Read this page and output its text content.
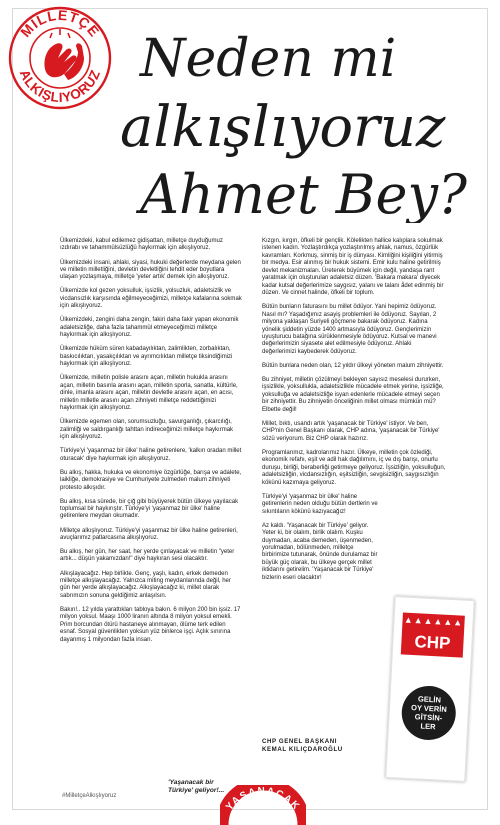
MİLLETÇE
ALKIŞLIYORUZ Neden mi
alkışlıyoruz
Ahmet Bey?

Ülkemizdeki, kabul edilemez gidişattan, milletçe duyduğumuz ızdırabı ve tahammülsüzlüğü haykırmak için alkışlıyoruz.

Ülkemizdeki insani, ahlaki, siyasi, hukuki değerlerde meydana gelen ve milletin milletliğini, devletin devletliğini tehdit eder boyutlara ulaşan yozlaşmaya, milletçe 'yeter artık' demek için alkışlıyoruz.

Ülkemizde kol gezen yoksulluk, işsizlik, yolsuzluk, adaletsizlik ve vicdansızlık karşısında eğilmeyeceğimizi, milletçe kafalarına sokmak için alkışlıyoruz.

Ülkemizdeki, zengini daha zengin, fakiri daha fakir yapan ekonomik adaletsizliğe, daha fazla tahammül etmeyeceğimizi milletçe haykırmak için alkışlıyoruz.

Ülkemizde hüküm süren kabadayılıktan, zalimlikten, zorbalıktan, baskıcılıktan, yasakçılıktan ve ayrımcılıktan milletçe tiksindiğimizi haykırmak için alkışlıyoruz.

Ülkemizde, milletin polisle arasını açan, milletin hukukla arasını açan, milletin basınla arasını açan, milletin sporla, sanatla, kültürle, dinle, imanla arasını açan, milletin devletle arasını açan, en acısı, milletin milletle arasını açan zihniyeti milletçe reddettiğimizi haykırmak için alkışlıyoruz.

Ülkemizde egemen olan, sorumsuzluğu, savurganlığı, çıkarcılığı, zalimliği ve saldırganlığı tahttan indireceğimizi milletçe haykırmak için alkışlıyoruz.

Türkiye'yi 'yaşanmaz bir ülke' haline getirenlere, 'kalkın oradan millet oturacak' diye haykırmak için alkışlıyoruz.

Bu alkış, hakka, hukuka ve ekonomiye özgürlüğe, barışa ve adalete, laikliğe, demokrasiye ve Cumhuriyete zulmeden malum zihniyeti protesto alkışıdır.

Bu alkış, kısa sürede, bir çığ gibi büyüyerek bütün ülkeye yayılacak toplumsal bir haykırıştır. Türkiye'yi 'yaşanmaz bir ülke' haline getirenlere meydan okumadır.

Milletçe alkışlıyoruz. Türkiye'yi yaşanmaz bir ülke haline getirenleri, avuçlarımız patlarcasına alkışlıyoruz.

Bu alkış, her gün, her saat, her yerde çınlayacak ve milletin "yeter artık... düşün yakamızdan!" diye haykıran sesi olacaktır.

Alkışlayacağız. Hep birlikte. Genç, yaşlı, kadın, erkek demeden milletçe alkışlayacağız. Yalnızca miting meydanlarında değil, her gün her yerde alkışlayacağız. Alkışlayacağız ki, millet olarak sabrımızın sonuna geldiğimiz anlaşılsın.

Bakın!.. 12 yılda yarattıkları tabloya bakın. 6 milyon 200 bin işsiz. 17 milyon yoksul. Maaşı 1000 liranın altında 8 milyon yoksul emekli. Prim borcundan ötürü hastaneye alınmayan, ölüme terk edilen esnaf. Sosyal güvenlikten yoksun yüz binlerce işçi. Açlık sınırına dayanmış 1 milyondan fazla insan.

Kızgın, kırgın, öfkeli bir gençlik. Kölelikten hallice kalıplara sokulmak istenen kadın. Yozlaştırdıkça yozlaştırılmış ahlak, namus, özgürlük kavramları. Korkmuş, sinmiş bir iş dünyası. Kimliğini kişiliğini yitirmiş bir medya. Esir alınmış bir hukuk sistemi. Emir kulu haline getirilmiş devlet mekanizmaları. Üreterek büyümek için değil, yandaşa rant yaratmak için oluşturulan adaletsiz düzen. 'Bakara makara' diyecek kadar kutsal değerlerimize saygısız, yalanı ve talanı ådet edinmiş bir düzen. Ve cinnet halinde, öfkeli bir toplum.

Bütün bunların faturasını bu millet ödüyor. Yani hepimiz ödüyoruz. Nasıl mı? Yaşadığımız asayiş problemleri ile ödüyoruz. Sayıları, 2 milyona yaklaşan Suriyeli göçmene bakarak ödüyoruz. Kadına yönelik şiddetin yüzde 1400 artmasıyla ödüyoruz. Gençlerimizin uyuşturucu batağına sürüklenmesiyle ödüyoruz. Kutsal ve manevi değerlerimizin siyasete alet edilmesiyle ödüyoruz. Ahlaki değerlerimizi kaybederek ödüyoruz.

Bütün bunlara neden olan, 12 yıldır ülkeyi yöneten malum zihniyettir.

Bu zihniyet, milletin çözülmeyi bekleyen sayısız meselesi dururken, işsizlikle, yoksullukla, adaletsizlikle mücadele etmek yerine, işsizliğe, yoksulluğa ve adaletsizliğe isyan edenlerle mücadele etmeyi seçen bir zihniyettir. Bu zihniyetin önceliğinin millet olması mümkün mü? Elbette değil!

Millet, bıktı, usandı artık 'yaşanacak bir Türkiye' istiyor. Ve ben, CHP'nin Genel Başkanı olarak, CHP adına, 'yaşanacak bir Türkiye' sözü veriyorum. Biz CHP olarak hazırız.

Programlarımız, kadrolarımız hazır. Ülkeye, milletin çok özlediği, ekonomik refahı, eşit ve adil hak dağılımını, iç ve dış barışı, onurlu duruşu, birliği, beraberliği getirmeye geliyoruz. İşsizliğin, yoksulluğun, adaletsizliğin, vicdansızlığın, eşitsizliğin, sevgisizliğin, saygısızlığın kökünü kazımaya geliyoruz.

Türkiye'yi 'yaşanmaz bir ülke' haline getirenlerin neden olduğu bütün dertlerin ve sıkıntıların kökünü kazıyacağız!

Az kaldı. 'Yaşanacak bir Türkiye' geliyor. Yeter ki, bir olalım, birlik olalım. Kuşku duymadan, acaba demeden, üşenmeden, yorulmadan, bölünmeden, milletçe birbirimize tutunarak, önünde durulamaz bir büyük güç olarak, bu ülkeye gerçek millet iktidarını getirelim. 'Yaşanacak bir Türkiye' bizlerin eseri olacaktır!

CHP GENEL BAŞKANI
KEMAL KILIÇDAROĞLU
▲▲▲▲▲▲
CHP
GELİN
OY VERİN
GİTSİN-
LER
#MilletçeAlkışlıyoruz
'Yaşanacak bir
Türkiye' geliyor!...
YAŞANACAK
